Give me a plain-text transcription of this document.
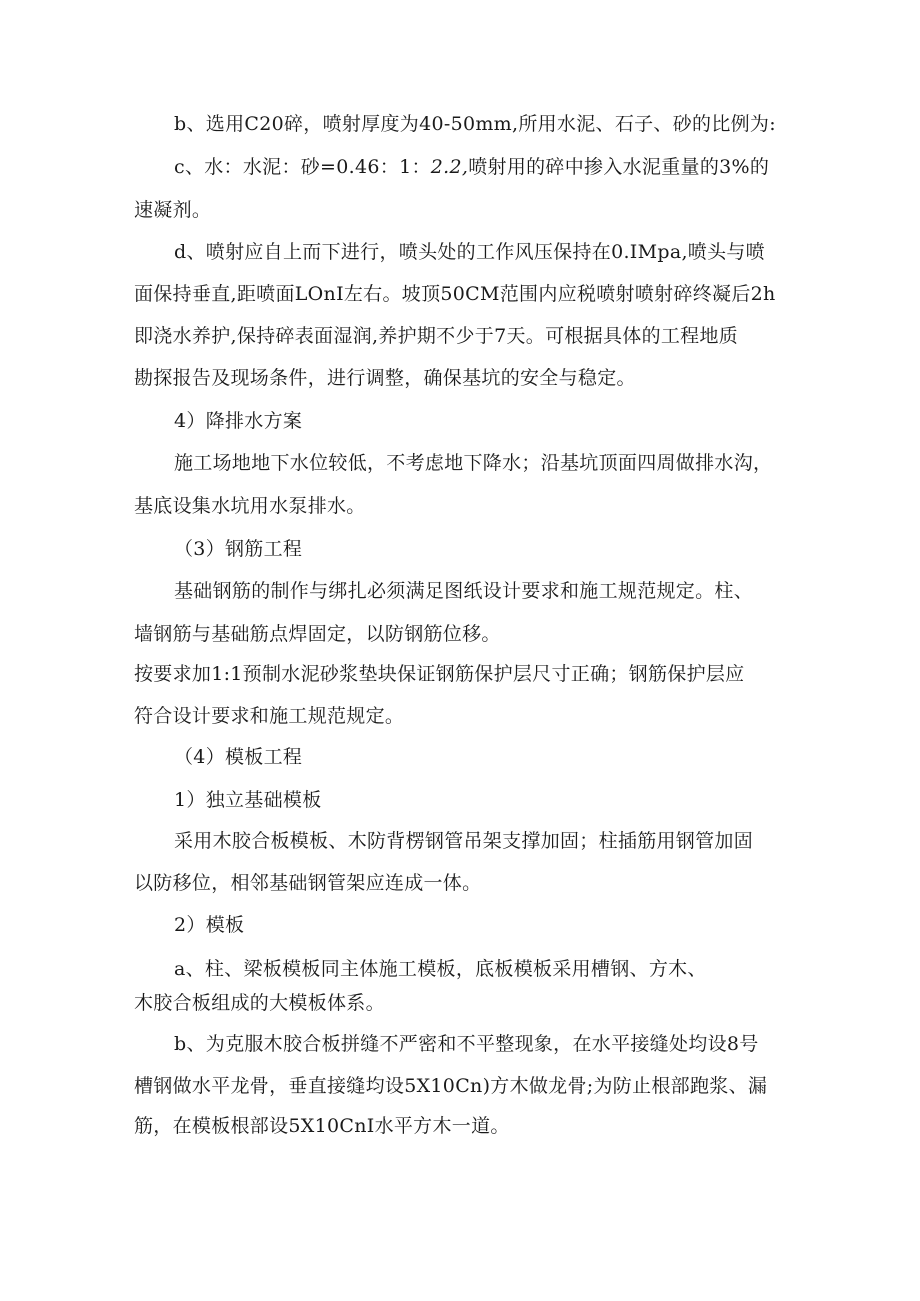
b、选用C20碎，喷射厚度为40-50mm,所用水泥、石子、砂的比例为:
c、水：水泥：砂=0.46：1：2.2,喷射用的碎中掺入水泥重量的3%的
速凝剂。
d、喷射应自上而下进行，喷头处的工作风压保持在0.IMpa,喷头与喷
面保持垂直,距喷面LOnI左右。坡顶50CM范围内应税喷射喷射碎终凝后2h
即浇水养护,保持碎表面湿润,养护期不少于7天。可根据具体的工程地质
勘探报告及现场条件，进行调整，确保基坑的安全与稳定。
4）降排水方案
施工场地地下水位较低，不考虑地下降水；沿基坑顶面四周做排水沟，
基底设集水坑用水泵排水。
（3）钢筋工程
基础钢筋的制作与绑扎必须满足图纸设计要求和施工规范规定。柱、
墙钢筋与基础筋点焊固定，以防钢筋位移。
按要求加1:1预制水泥砂浆垫块保证钢筋保护层尺寸正确；钢筋保护层应
符合设计要求和施工规范规定。
（4）模板工程
1）独立基础模板
采用木胶合板模板、木防背楞钢管吊架支撑加固；柱插筋用钢管加固
以防移位，相邻基础钢管架应连成一体。
2）模板
a、柱、梁板模板同主体施工模板，底板模板采用槽钢、方木、
木胶合板组成的大模板体系。
b、为克服木胶合板拼缝不严密和不平整现象，在水平接缝处均设8号
槽钢做水平龙骨，垂直接缝均设5X10Cn)方木做龙骨;为防止根部跑浆、漏
筋，在模板根部设5X10CnI水平方木一道。
